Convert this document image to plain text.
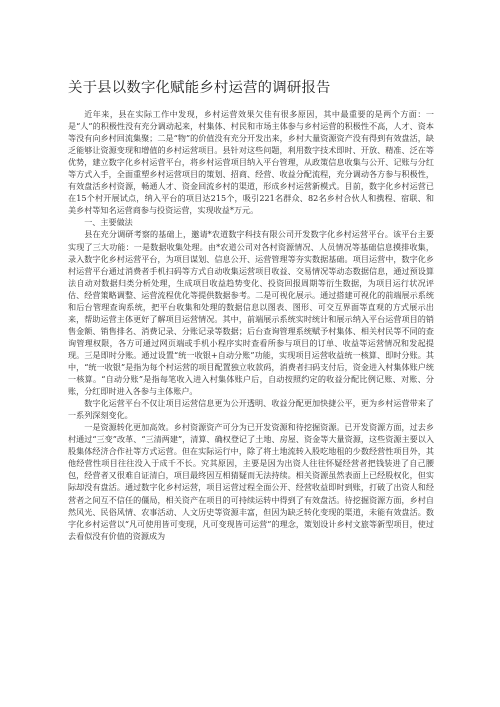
关于县以数字化赋能乡村运营的调研报告

近年来，县在实际工作中发现，乡村运营效果欠佳有很多原因，其中最重要的是两个方面：一是“人”的积极性没有充分调动起来，村集体、村民和市场主体参与乡村运营的积极性不高，人才、资本等没有向乡村回流集聚；二是“物”的价值没有充分开发出来，乡村大量资源资产没有得到有效盘活，缺乏能够让资源变现和增值的乡村运营项目。县针对这些问题，利用数字技术即时、开放、精准、泛在等优势，建立数字化乡村运营平台，将乡村运营项目纳入平台管理，从政策信息收集与公开、记账与分红等方式入手，全面重塑乡村运营项目的策划、招商、经营、收益分配流程，充分调动各方参与积极性，有效盘活乡村资源，畅通人才、资金回流乡村的渠道，形成乡村运营新模式。目前，数字化乡村运营已在15个村开展试点，纳入平台的项目达215个，吸引221名群众、82名乡村合伙人和携程、宿联、和美乡村等知名运营商参与投资运营，实现收益*万元。

一、主要做法

县在充分调研考察的基础上，邀请*农道数字科技有限公司开发数字化乡村运营平台。该平台主要实现了三大功能：一是数据收集处理。由*农道公司对各村资源情况、人员情况等基础信息摸排收集，录入数字化乡村运营平台，为项目谋划、信息公开、运营管理等夯实数据基础。项目运营中，数字化乡村运营平台通过消费者手机扫码等方式自动收集运营项目收益、交易情况等动态数据信息，通过预设算法自动对数据归类分析处理，生成项目收益趋势变化、投资回报周期等衍生数据，为项目运行状况评估、经营策略调整、运营流程优化等提供数据参考。二是可视化展示。通过搭建可视化的前端展示系统和后台管理查询系统，把平台收集和处理的数据信息以图表、图形、可交互界面等直观的方式展示出来，帮助运营主体更好了解项目运营情况。其中，前端展示系统实时统计和展示纳入平台运营项目的销售金额、销售排名、消费记录、分账记录等数据；后台查询管理系统赋予村集体、相关村民等不同的查询管理权限，各方可通过网页端或手机小程序实时查看所参与项目的订单、收益等运营情况和发起提现。三是即时分账。通过设置“统一收银+自动分账”功能，实现项目运营收益统一核算、即时分账。其中，“统一收银”是指为每个村运营的项目配置独立收款码，消费者扫码支付后，资金进入村集体账户统一核算。“自动分账”是指每笔收入进入村集体账户后，自动按照约定的收益分配比例记账、对账、分账，分红即时进入各参与主体账户。

数字化运营平台不仅让项目运营信息更为公开透明、收益分配更加快捷公平，更为乡村运营带来了一系列深刻变化。

一是资源转化更加高效。乡村资源资产可分为已开发资源和待挖掘资源。已开发资源方面，过去乡村通过“三变”改革、“三清两建”，清算、确权登记了土地、房屋、资金等大量资源，这些资源主要以入股集体经济合作社等方式运营。但在实际运行中，除了将土地流转入股吃地租的少数经营性项目外，其他经营性项目往往没入于成千不长。究其原因，主要是因为出资人往往怀疑经营者把钱装进了自己腰包，经营者又很难自证清白，项目最终因互相猜疑而无法持续。相关资源虽然表面上已经股权化，但实际却没有盘活。通过数字化乡村运营，项目运营过程全面公开、经营收益即时到账，打破了出资人和经营者之间互不信任的僵局，相关资产在项目的可持续运转中得到了有效盘活。待挖掘资源方面，乡村自然风光、民俗风情、农事活动、人文历史等资源丰富，但因为缺乏转化变现的渠道，未能有效盘活。数字化乡村运营以“凡可使用皆可变现，凡可变现皆可运营”的理念，策划设计乡村文旅等新型项目，使过去看似没有价值的资源成为
